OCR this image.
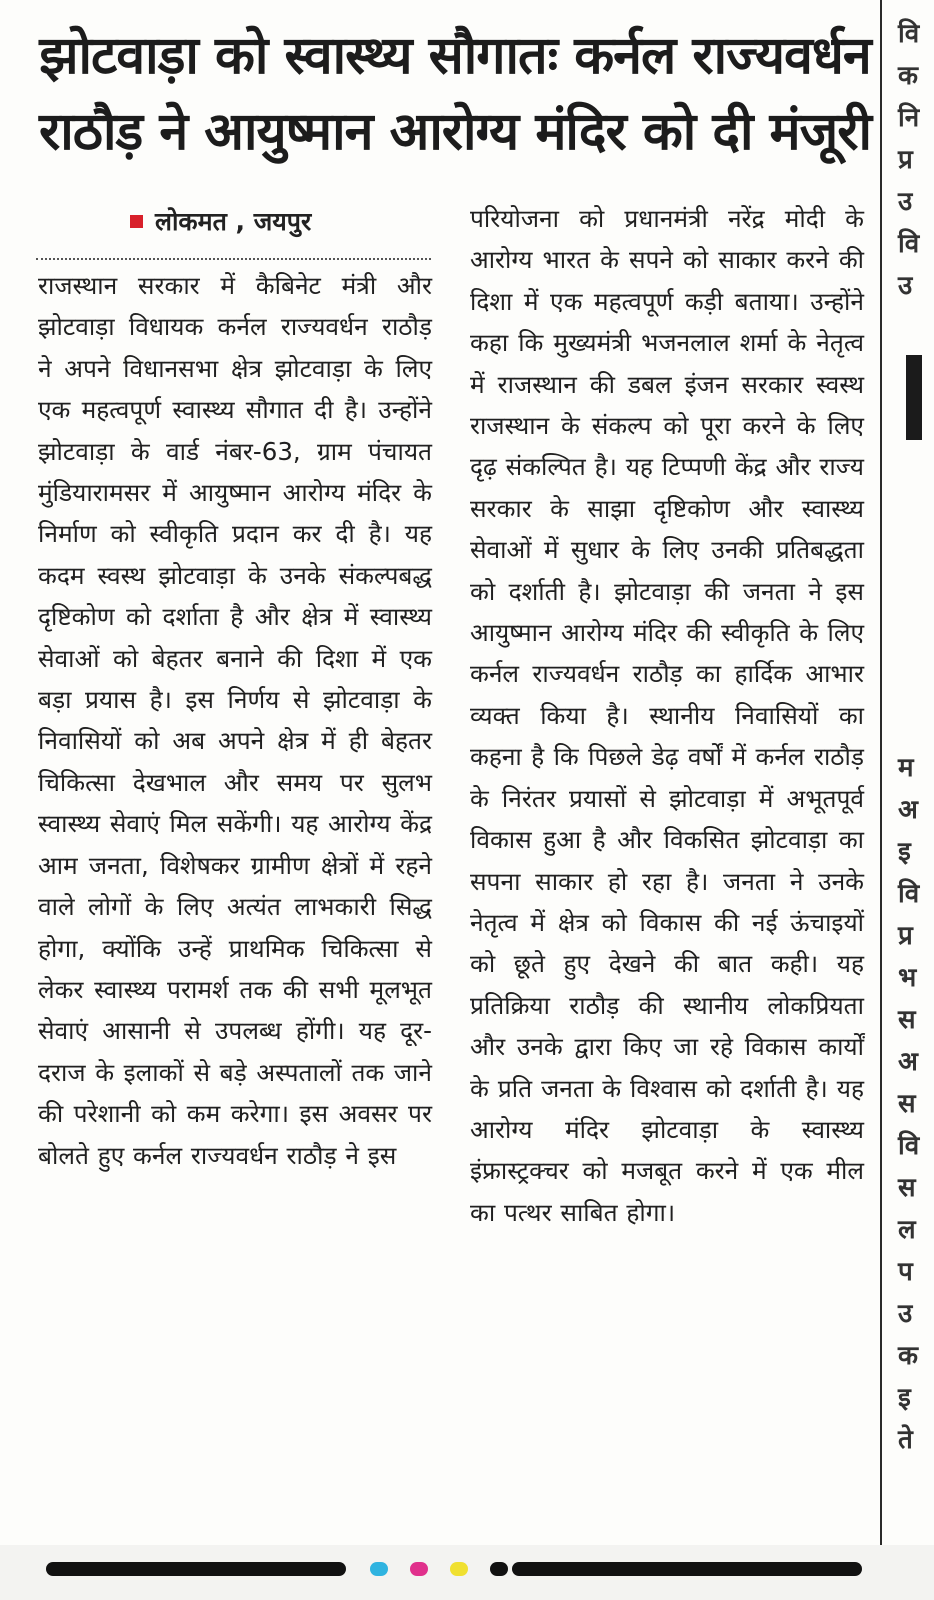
झोटवाड़ा को स्वास्थ्य सौगातः कर्नल राज्यवर्धन
राठौड़ ने आयुष्मान आरोग्य मंदिर को दी मंजूरी
लोकमत , जयपुर

राजस्थान सरकार में कैबिनेट मंत्री और झोटवाड़ा विधायक कर्नल राज्यवर्धन राठौड़ ने अपने विधानसभा क्षेत्र झोटवाड़ा के लिए एक महत्वपूर्ण स्वास्थ्य सौगात दी है। उन्होंने झोटवाड़ा के वार्ड नंबर-63, ग्राम पंचायत मुंडियारामसर में आयुष्मान आरोग्य मंदिर के निर्माण को स्वीकृति प्रदान कर दी है। यह कदम स्वस्थ झोटवाड़ा के उनके संकल्पबद्ध दृष्टिकोण को दर्शाता है और क्षेत्र में स्वास्थ्य सेवाओं को बेहतर बनाने की दिशा में एक बड़ा प्रयास है। इस निर्णय से झोटवाड़ा के निवासियों को अब अपने क्षेत्र में ही बेहतर चिकित्सा देखभाल और समय पर सुलभ स्वास्थ्य सेवाएं मिल सकेंगी। यह आरोग्य केंद्र आम जनता, विशेषकर ग्रामीण क्षेत्रों में रहने वाले लोगों के लिए अत्यंत लाभकारी सिद्ध होगा, क्योंकि उन्हें प्राथमिक चिकित्सा से लेकर स्वास्थ्य परामर्श तक की सभी मूलभूत सेवाएं आसानी से उपलब्ध होंगी। यह दूर-दराज के इलाकों से बड़े अस्पतालों तक जाने की परेशानी को कम करेगा। इस अवसर पर बोलते हुए कर्नल राज्यवर्धन राठौड़ ने इस

परियोजना को प्रधानमंत्री नरेंद्र मोदी के आरोग्य भारत के सपने को साकार करने की दिशा में एक महत्वपूर्ण कड़ी बताया। उन्होंने कहा कि मुख्यमंत्री भजनलाल शर्मा के नेतृत्व में राजस्थान की डबल इंजन सरकार स्वस्थ राजस्थान के संकल्प को पूरा करने के लिए दृढ़ संकल्पित है। यह टिप्पणी केंद्र और राज्य सरकार के साझा दृष्टिकोण और स्वास्थ्य सेवाओं में सुधार के लिए उनकी प्रतिबद्धता को दर्शाती है। झोटवाड़ा की जनता ने इस आयुष्मान आरोग्य मंदिर की स्वीकृति के लिए कर्नल राज्यवर्धन राठौड़ का हार्दिक आभार व्यक्त किया है। स्थानीय निवासियों का कहना है कि पिछले डेढ़ वर्षों में कर्नल राठौड़ के निरंतर प्रयासों से झोटवाड़ा में अभूतपूर्व विकास हुआ है और विकसित झोटवाड़ा का सपना साकार हो रहा है। जनता ने उनके नेतृत्व में क्षेत्र को विकास की नई ऊंचाइयों को छूते हुए देखने की बात कही। यह प्रतिक्रिया राठौड़ की स्थानीय लोकप्रियता और उनके द्वारा किए जा रहे विकास कार्यों के प्रति जनता के विश्वास को दर्शाती है। यह आरोग्य मंदिर झोटवाड़ा के स्वास्थ्य इंफ्रास्ट्रक्चर को मजबूत करने में एक मील का पत्थर साबित होगा।

वि
क
नि
प्र
उ
वि
उ
म
अ
इ
वि
प्र
भ
स
अ
स
वि
स
ल
प
उ
क
इ
ते
